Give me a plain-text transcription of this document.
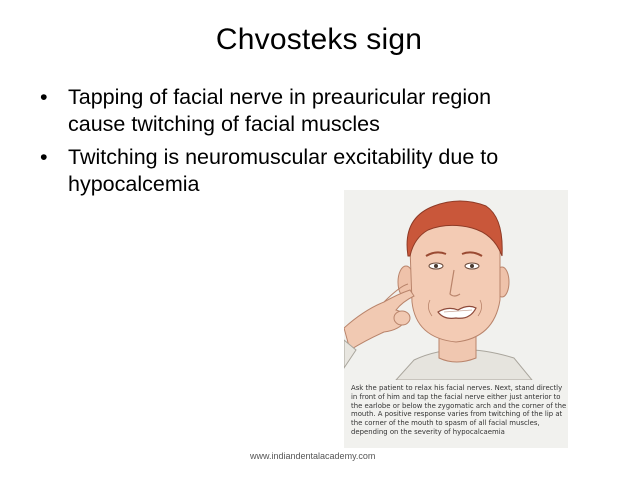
Chvosteks sign
• Tapping of facial nerve in preauricular region
cause twitching of facial muscles
• Twitching is neuromuscular excitability due to
hypocalcemia
Ask the patient to relax his facial nerves. Next, stand directly
in front of him and tap the facial nerve either just anterior to
the earlobe or below the zygomatic arch and the corner of the
mouth. A positive response varies from twitching of the lip at
the corner of the mouth to spasm of all facial muscles,
depending on the severity of hypocalcaemia
www.indiandentalacademy.com
